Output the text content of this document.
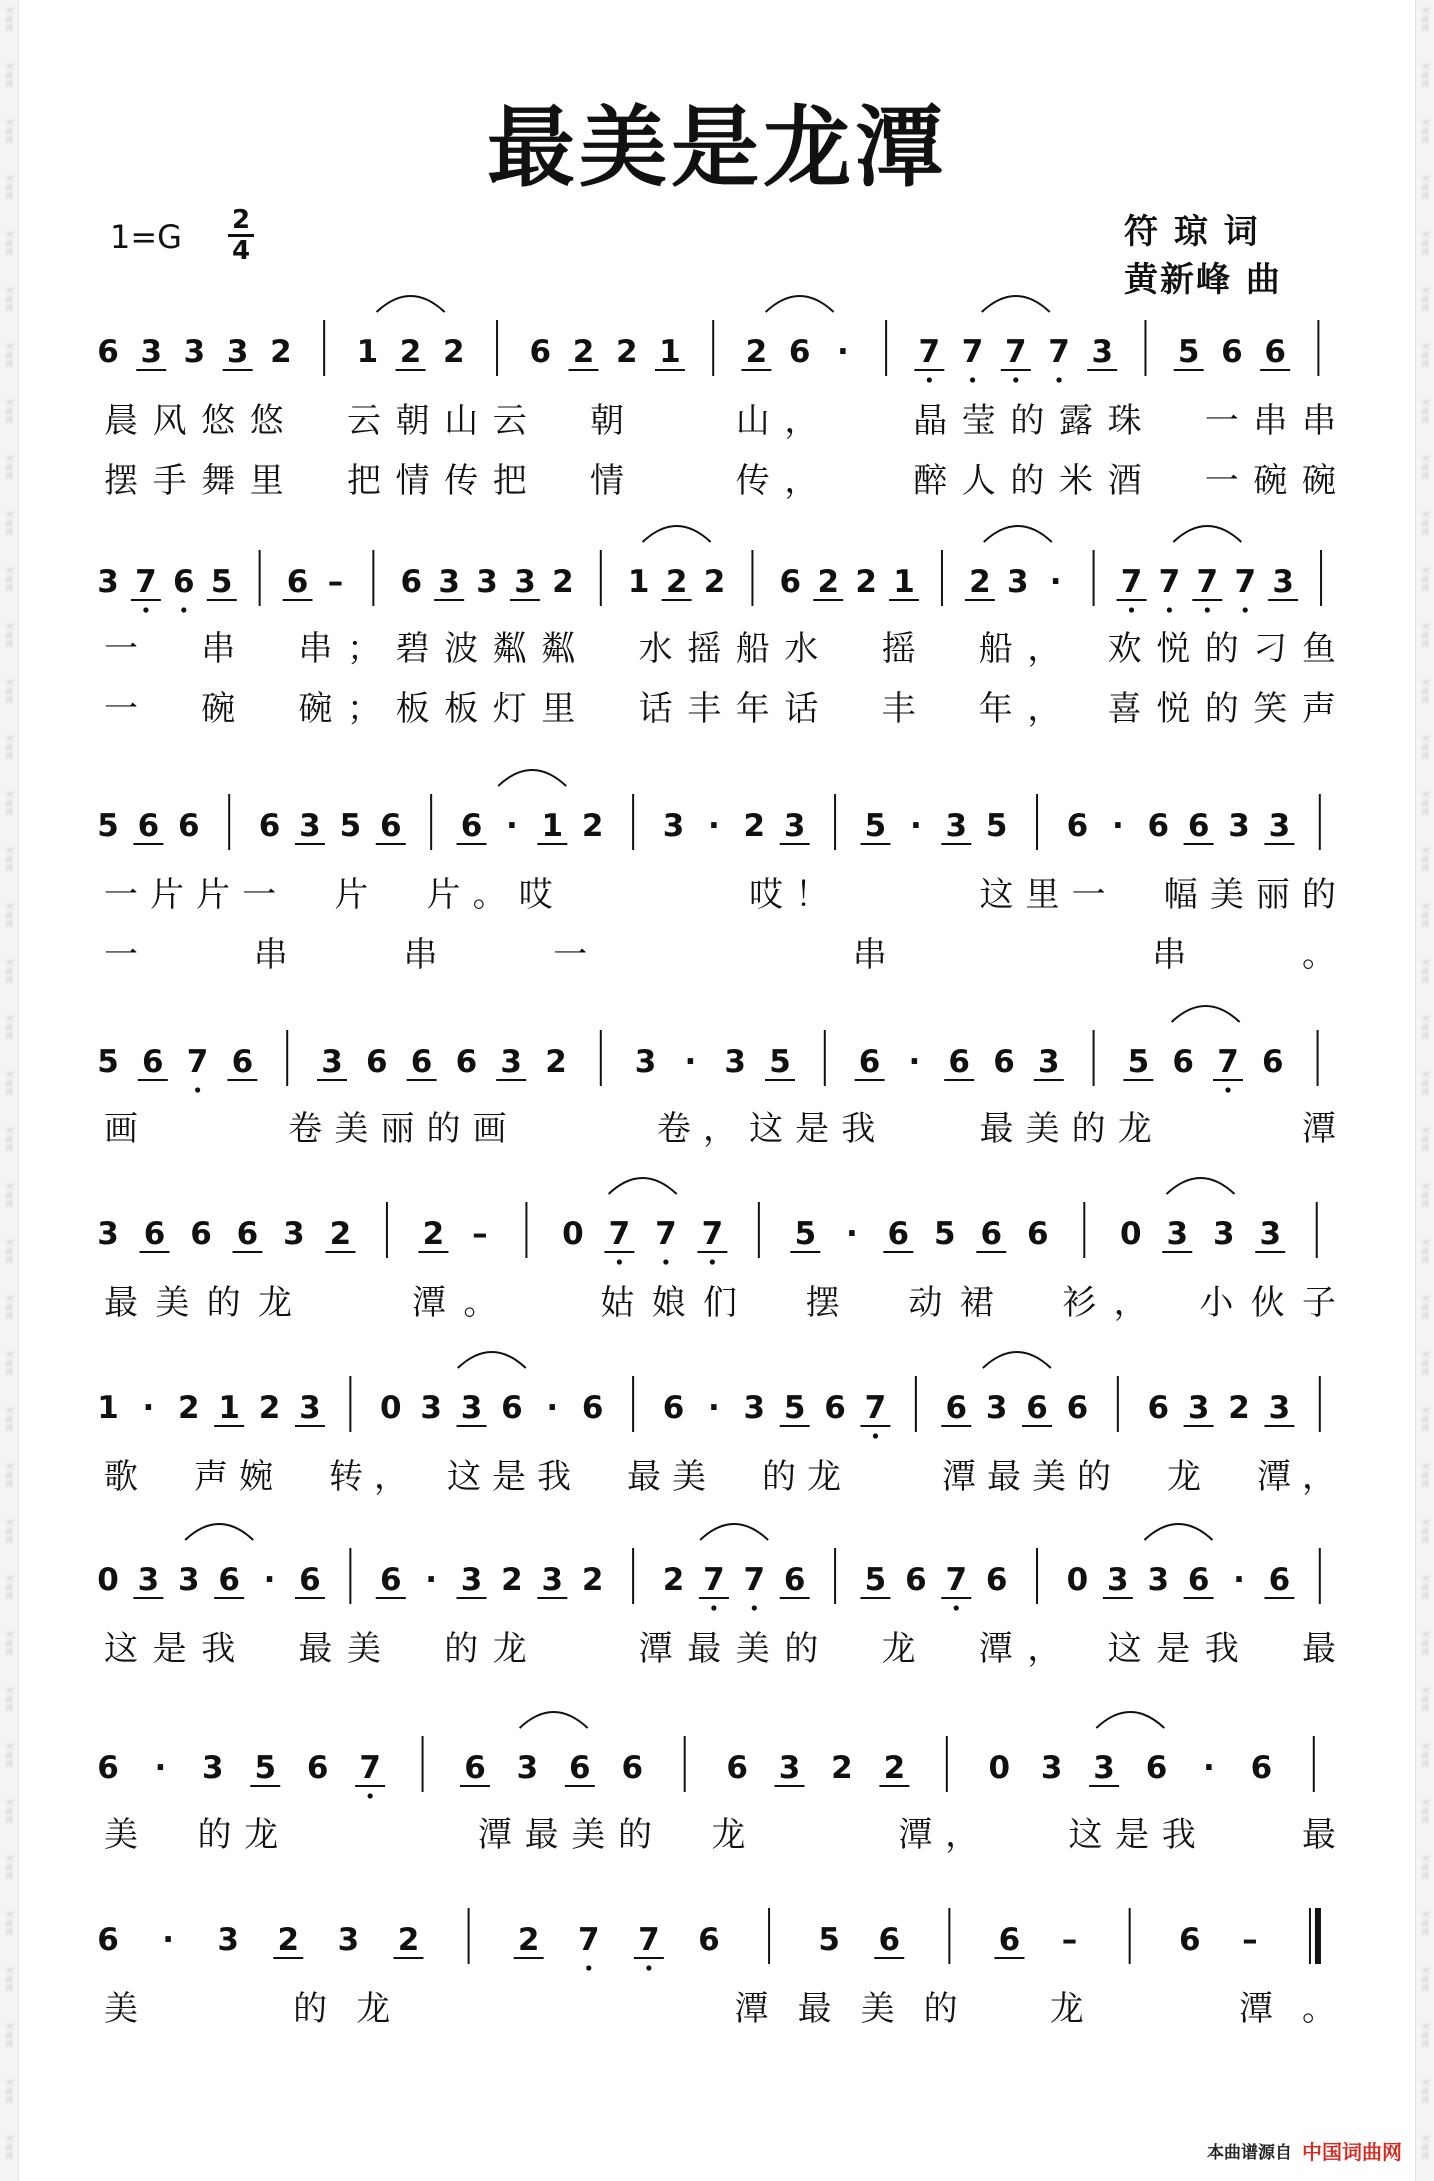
最美是龙潭
1=G 2
4	符 琼 词
黄新峰 曲
6 3 3 3 2 1 2 2 6 2 2 1 2 6 · 7 7 7 7 3 5 6 6
晨风悠悠　云朝山云　朝　　山，　　晶莹的露珠　一串串
摆手舞里　把情传把　情　　传，　　醉人的米酒　一碗碗
3 7 6 5 6 – 6 3 3 3 2 1 2 2 6 2 2 1 2 3 · 7 7 7 7 3
一　串　串；碧波粼粼　水摇船水　摇　船，　欢悦的刁鱼
一　碗　碗；板板灯里　话丰年话　丰　年，　喜悦的笑声
5 6 6 6 3 5 6 6 · 1 2 3 · 2 3 5 · 3 5 6 · 6 6 3 3
一片片一　片　片。哎　　　　哎！　　　这里一　幅美丽的
一串串一　串　串。
5 6 7 6 3 6 6 6 3 2 3 · 3 5 6 · 6 6 3 5 6 7 6
画　　　卷美丽的画　　　卷，这是我　　最美的龙　　　潭
3 6 6 6 3 2 2 – 0 7 7 7 5 · 6 5 6 6 0 3 3 3
最美的龙　　潭。　　姑娘们　摆　动裙　衫，　小伙子
1 · 2 1 2 3 0 3 3 6 · 6 6 · 3 5 6 7 6 3 6 6 6 3 2 3
歌　声婉　转，　这是我　最美　的龙　　潭最美的　龙　潭，
0 3 3 6 · 6 6 · 3 2 3 2 2 7 7 6 5 6 7 6 0 3 3 6 · 6
这是我　最美　的龙　　潭最美的　龙　潭，　这是我　最
6 · 3 5 6 7	6 3 6 6	6 3 2 2	0 3 3 6 · 6
美　的龙　　　　潭最美的　龙　　　潭，　　这是我　　最
6 · 3 2 3 2	2 7 7 6	5 6	6 –	6 –
美　　的龙　　　　　潭最美的　龙　　潭。
本曲谱源自 中国词曲网
词
曲
网
词
曲
网
词
曲
网
词
曲
网
词
曲
网
词
曲
网
词
曲
网
词
曲
网
词
曲
网
词
曲
网
词
曲
网
词
曲
网
词
曲
网
词
曲
网
词
曲
网
词
曲
网
词
曲
网
词
曲
网
词
曲
网
词
曲
网
词
曲
网
词
曲
网
词
曲
网
词
曲
网
词
曲
网
词
曲
网
词
曲
网
词
曲
网
词
曲
网
词
曲
网
词
曲
网
词
曲
网
词
曲
网
词
曲
网
词
曲
网
词
曲
网
词
曲
网
词
曲
网
词
曲
网
词
曲
网
词
曲
网
词
曲
网
词
曲
网
词
曲
网
词
曲
网
词
曲
网
词
曲
网
词
曲
网
词
曲
网
词
曲
网
词
曲
网
词
曲
网
词
曲
网
词
曲
网
词
曲
网
词
曲
网
词
曲
网
词
曲
网
词
曲
网
词
曲
网
词
曲
网
词
曲
网
词
曲
网
词
曲
网
词
曲
网
词
曲
网
词
曲
网
词
曲
网
词
曲
网
词
曲
网
词
曲
网
词
曲
网
词
曲
网
词
曲
网
词
曲
网
词
曲
网
词
曲
网
词
曲
网
